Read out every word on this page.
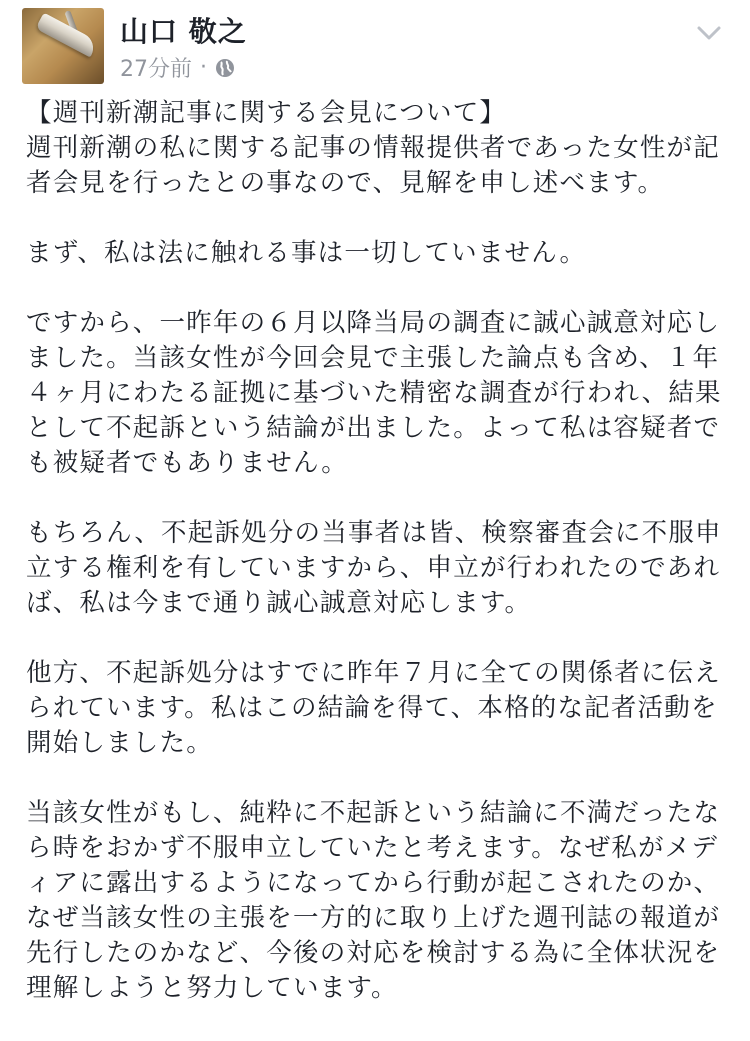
山口 敬之
27分前 ·

【週刊新潮記事に関する会見について】

週刊新潮の私に関する記事の情報提供者であった女性が記
者会見を行ったとの事なので、見解を申し述べます。

まず、私は法に触れる事は一切していません。

ですから、一昨年の６月以降当局の調査に誠心誠意対応し
ました。当該女性が今回会見で主張した論点も含め、１年
４ヶ月にわたる証拠に基づいた精密な調査が行われ、結果
として不起訴という結論が出ました。よって私は容疑者で
も被疑者でもありません。

もちろん、不起訴処分の当事者は皆、検察審査会に不服申
立する権利を有していますから、申立が行われたのであれ
ば、私は今まで通り誠心誠意対応します。

他方、不起訴処分はすでに昨年７月に全ての関係者に伝え
られています。私はこの結論を得て、本格的な記者活動を
開始しました。

当該女性がもし、純粋に不起訴という結論に不満だったな
ら時をおかず不服申立していたと考えます。なぜ私がメデ
ィアに露出するようになってから行動が起こされたのか、
なぜ当該女性の主張を一方的に取り上げた週刊誌の報道が
先行したのかなど、今後の対応を検討する為に全体状況を
理解しようと努力しています。
